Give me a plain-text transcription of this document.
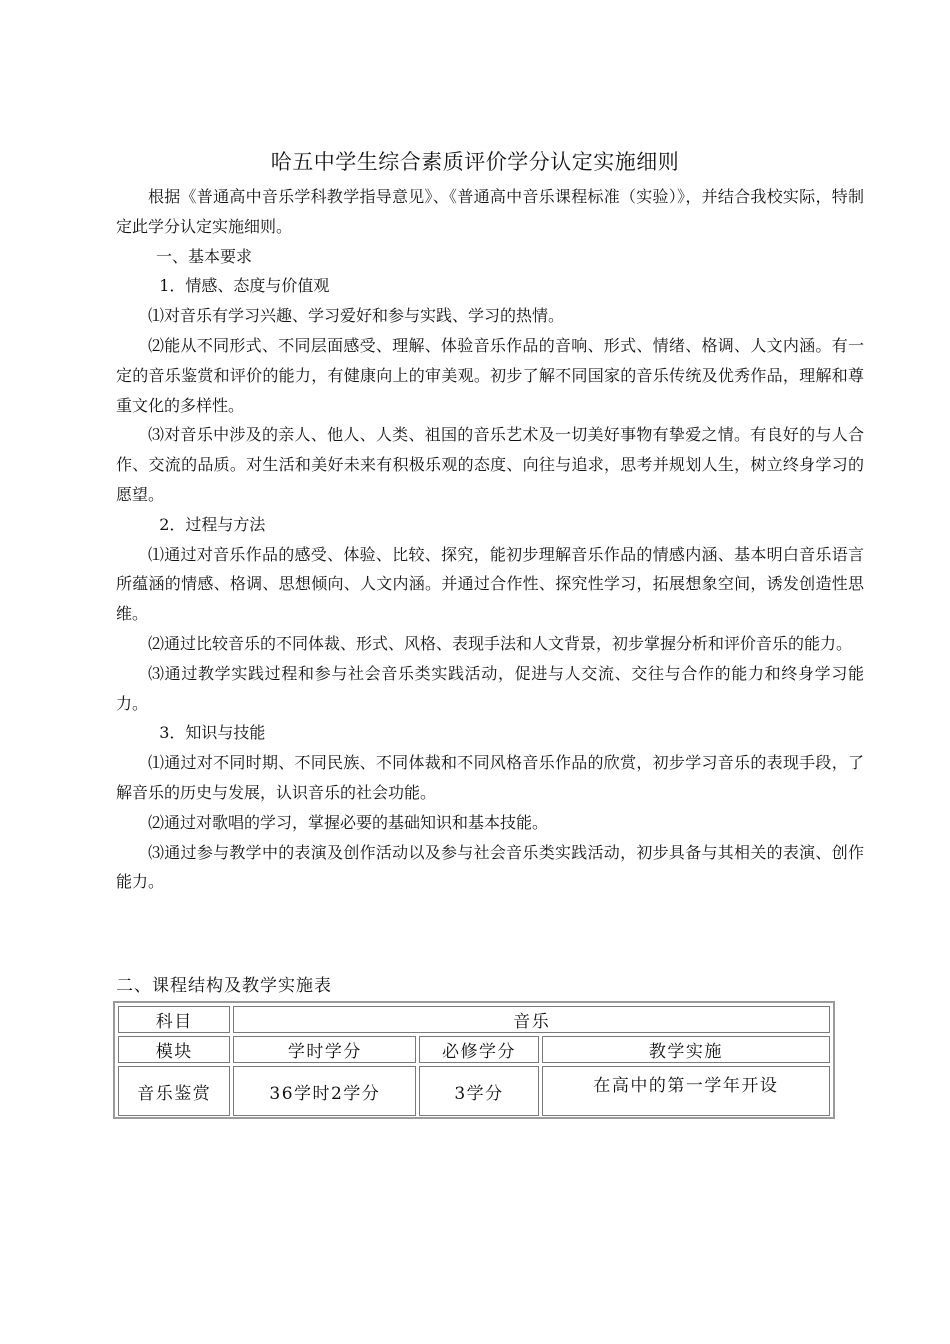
哈五中学生综合素质评价学分认定实施细则

根据《普通高中音乐学科教学指导意见》、《普通高中音乐课程标准（实验）》，并结合我校实际，特制定此学分认定实施细则。

一、基本要求

1．情感、态度与价值观

⑴对音乐有学习兴趣、学习爱好和参与实践、学习的热情。

⑵能从不同形式、不同层面感受、理解、体验音乐作品的音响、形式、情绪、格调、人文内涵。有一定的音乐鉴赏和评价的能力，有健康向上的审美观。初步了解不同国家的音乐传统及优秀作品，理解和尊重文化的多样性。

⑶对音乐中涉及的亲人、他人、人类、祖国的音乐艺术及一切美好事物有挚爱之情。有良好的与人合作、交流的品质。对生活和美好未来有积极乐观的态度、向往与追求，思考并规划人生，树立终身学习的愿望。

2．过程与方法

⑴通过对音乐作品的感受、体验、比较、探究，能初步理解音乐作品的情感内涵、基本明白音乐语言所蕴涵的情感、格调、思想倾向、人文内涵。并通过合作性、探究性学习，拓展想象空间，诱发创造性思维。

⑵通过比较音乐的不同体裁、形式、风格、表现手法和人文背景，初步掌握分析和评价音乐的能力。

⑶通过教学实践过程和参与社会音乐类实践活动，促进与人交流、交往与合作的能力和终身学习能力。

3．知识与技能

⑴通过对不同时期、不同民族、不同体裁和不同风格音乐作品的欣赏，初步学习音乐的表现手段，了解音乐的历史与发展，认识音乐的社会功能。

⑵通过对歌唱的学习，掌握必要的基础知识和基本技能。

⑶通过参与教学中的表演及创作活动以及参与社会音乐类实践活动，初步具备与其相关的表演、创作能力。

二、课程结构及教学实施表
科目	音乐		
模块	学时学分	必修学分	教学实施
音乐鉴赏	36学时2学分	3学分	在高中的第一学年开设
